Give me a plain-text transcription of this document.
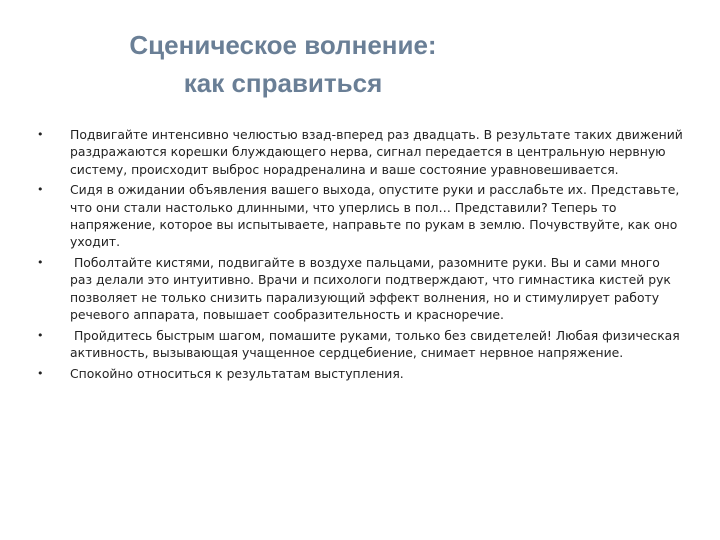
Сценическое волнение:
как справиться
•	Подвигайте интенсивно челюстью взад-вперед раз двадцать. В результате таких движений раздражаются корешки блуждающего нерва, сигнал передается в центральную нервную систему, происходит выброс норадреналина и ваше состояние уравновешивается.
•	Сидя в ожидании объявления вашего выхода, опустите руки и расслабьте их. Представьте, что они стали настолько длинными, что уперлись в пол… Представили? Теперь то напряжение, которое вы испытываете, направьте по рукам в землю. Почувствуйте, как оно уходит.
•	Поболтайте кистями, подвигайте в воздухе пальцами, разомните руки. Вы и сами много раз делали это интуитивно. Врачи и психологи подтверждают, что гимнастика кистей рук позволяет не только снизить парализующий эффект волнения, но и стимулирует работу речевого аппарата, повышает сообразительность и красноречие.
•	Пройдитесь быстрым шагом, помашите руками, только без свидетелей! Любая физическая активность, вызывающая учащенное сердцебиение, снимает нервное напряжение.
•	Спокойно относиться к результатам выступления.
